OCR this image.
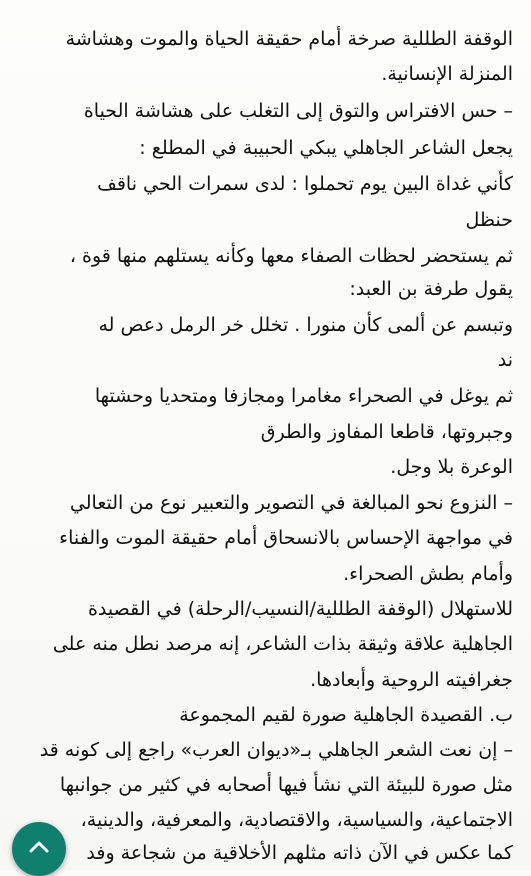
الوقفة الطللية صرخة أمام حقيقة الحياة والموت وهشاشة
المنزلة الإنسانية.
– حس الافتراس والتوق إلى التغلب على هشاشة الحياة
يجعل الشاعر الجاهلي يبكي الحبيبة في المطلع :
كأني غداة البين يوم تحملوا : لدى سمرات الحي ناقف
حنظل
ثم يستحضر لحظات الصفاء معها وكأنه يستلهم منها قوة ،
يقول طرفة بن العبد:
وتبسم عن ألمى كأن منورا . تخلل خر الرمل دعص له
ند
ثم يوغل في الصحراء مغامرا ومجازفا ومتحديا وحشتها
وجبروتها، قاطعا المفاوز والطرق
الوعرة بلا وجل.
– النزوع نحو المبالغة في التصوير والتعبير نوع من التعالي
في مواجهة الإحساس بالانسحاق أمام حقيقة الموت والفناء
وأمام بطش الصحراء.
للاستهلال (الوقفة الطللية/النسيب/الرحلة) في القصيدة
الجاهلية علاقة وثيقة بذات الشاعر، إنه مرصد نطل منه على
جغرافيته الروحية وأبعادها.
ب. القصيدة الجاهلية صورة لقيم المجموعة
– إن نعت الشعر الجاهلي بـ«ديوان العرب» راجع إلى كونه قد
مثل صورة للبيئة التي نشأ فيها أصحابه في كثير من جوانبها
الاجتماعية، والسياسية، والاقتصادية، والمعرفية، والدينية،
كما عكس في الآن ذاته مثلهم الأخلاقية من شجاعة وفد
